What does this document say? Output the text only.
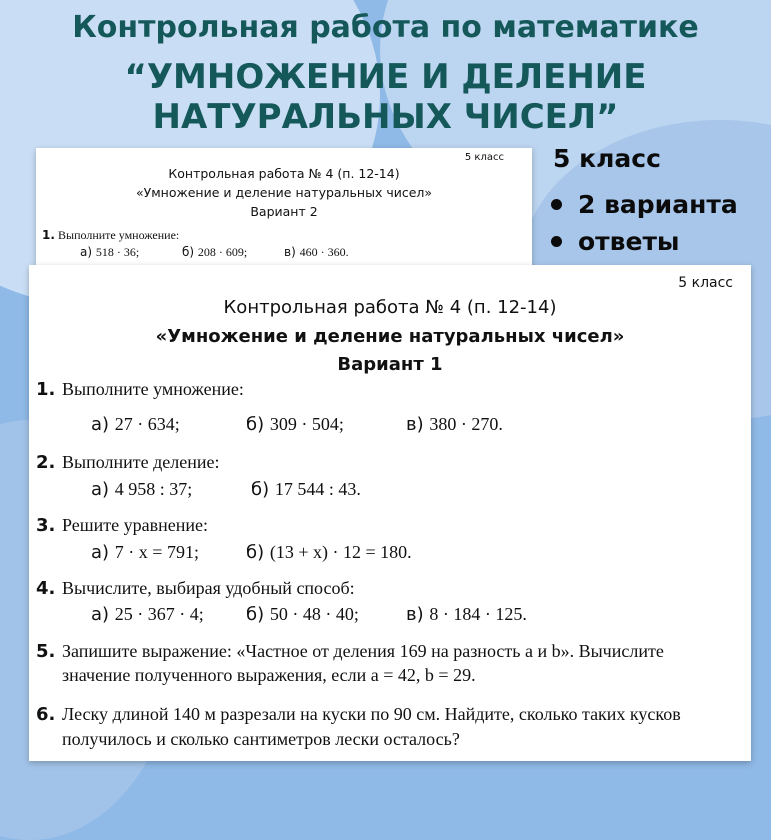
Контрольная работа по математике
“УМНОЖЕНИЕ И ДЕЛЕНИЕ
НАТУРАЛЬНЫХ ЧИСЕЛ”
5 класс
2 варианта
ответы
5 класс
Контрольная работа № 4 (п. 12-14)
«Умножение и деление натуральных чисел»
Вариант 2
1. Выполните умножение:
а) 518 · 36;	б) 208 · 609;	в) 460 · 360.
5 класс
Контрольная работа № 4 (п. 12-14)
«Умножение и деление натуральных чисел»
Вариант 1
1. Выполните умножение:
а) 27 · 634;	б) 309 · 504;	в) 380 · 270.
2. Выполните деление:
а) 4 958 : 37;	б) 17 544 : 43.
3. Решите уравнение:
а) 7 · x = 791;	б) (13 + x) · 12 = 180.
4. Вычислите, выбирая удобный способ:
а) 25 · 367 · 4;	б) 50 · 48 · 40;	в) 8 · 184 · 125.
5. Запишите выражение: «Частное от деления 169 на разность a и b». Вычислите
значение полученного выражения, если a = 42, b = 29.
6. Леску длиной 140 м разрезали на куски по 90 см. Найдите, сколько таких кусков
получилось и сколько сантиметров лески осталось?
